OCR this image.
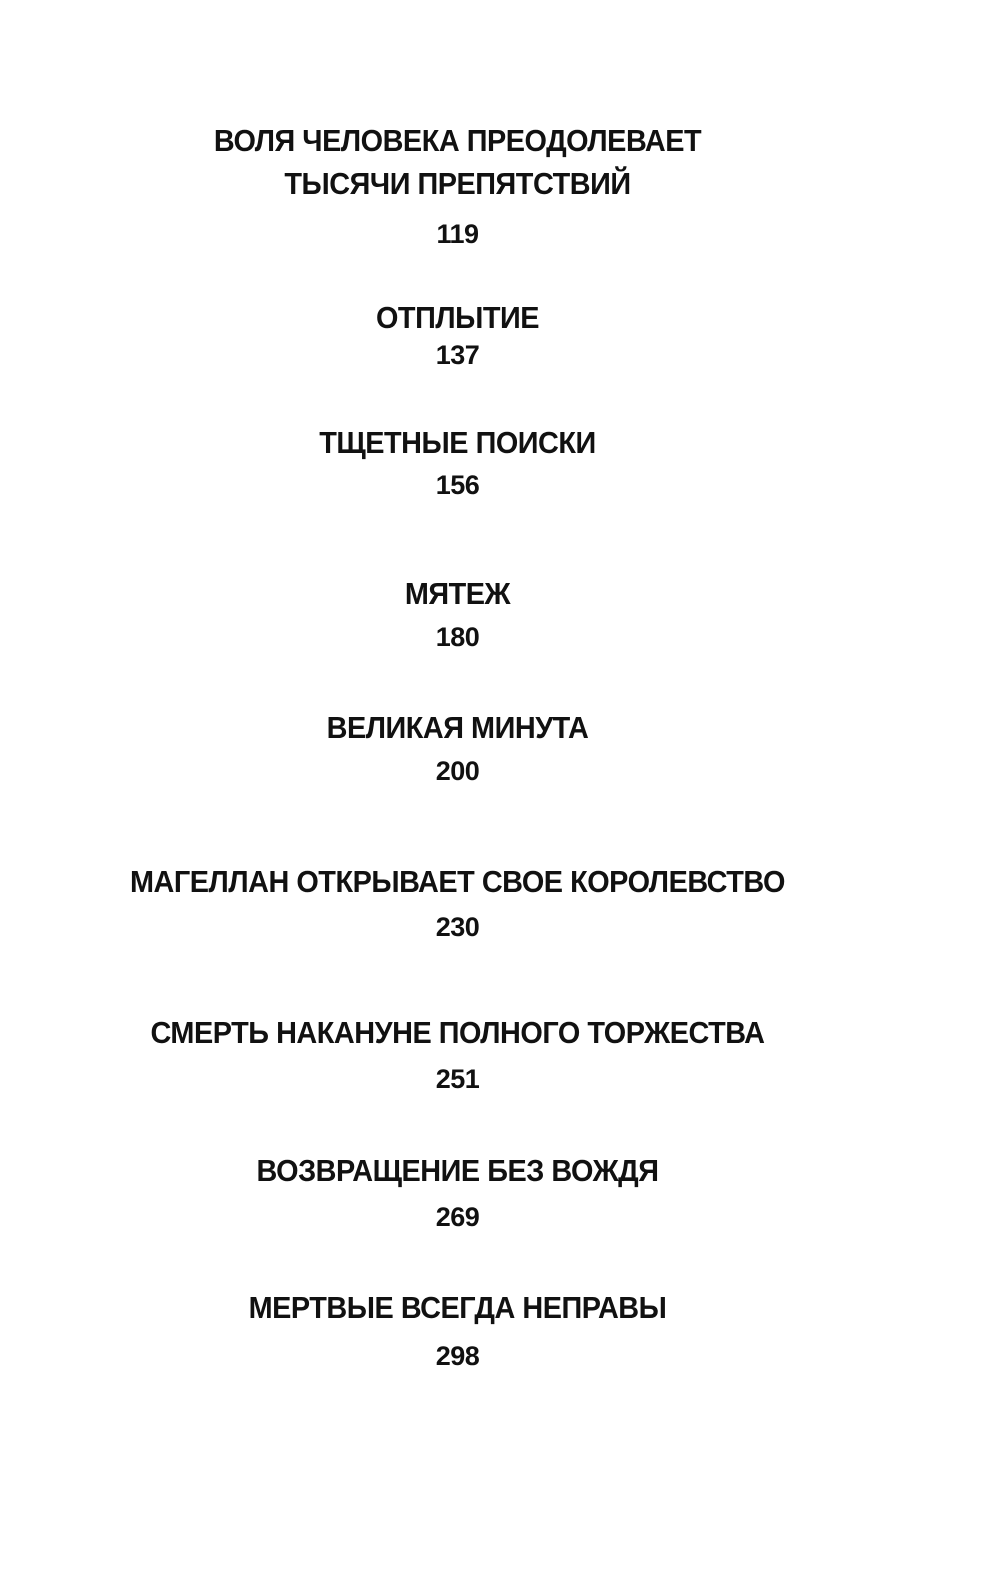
ВОЛЯ ЧЕЛОВЕКА ПРЕОДОЛЕВАЕТ
ТЫСЯЧИ ПРЕПЯТСТВИЙ
119
ОТПЛЫТИЕ
137
ТЩЕТНЫЕ ПОИСКИ
156
МЯТЕЖ
180
ВЕЛИКАЯ МИНУТА
200
МАГЕЛЛАН ОТКРЫВАЕТ СВОЕ КОРОЛЕВСТВО
230
СМЕРТЬ НАКАНУНЕ ПОЛНОГО ТОРЖЕСТВА
251
ВОЗВРАЩЕНИЕ БЕЗ ВОЖДЯ
269
МЕРТВЫЕ ВСЕГДА НЕПРАВЫ
298
